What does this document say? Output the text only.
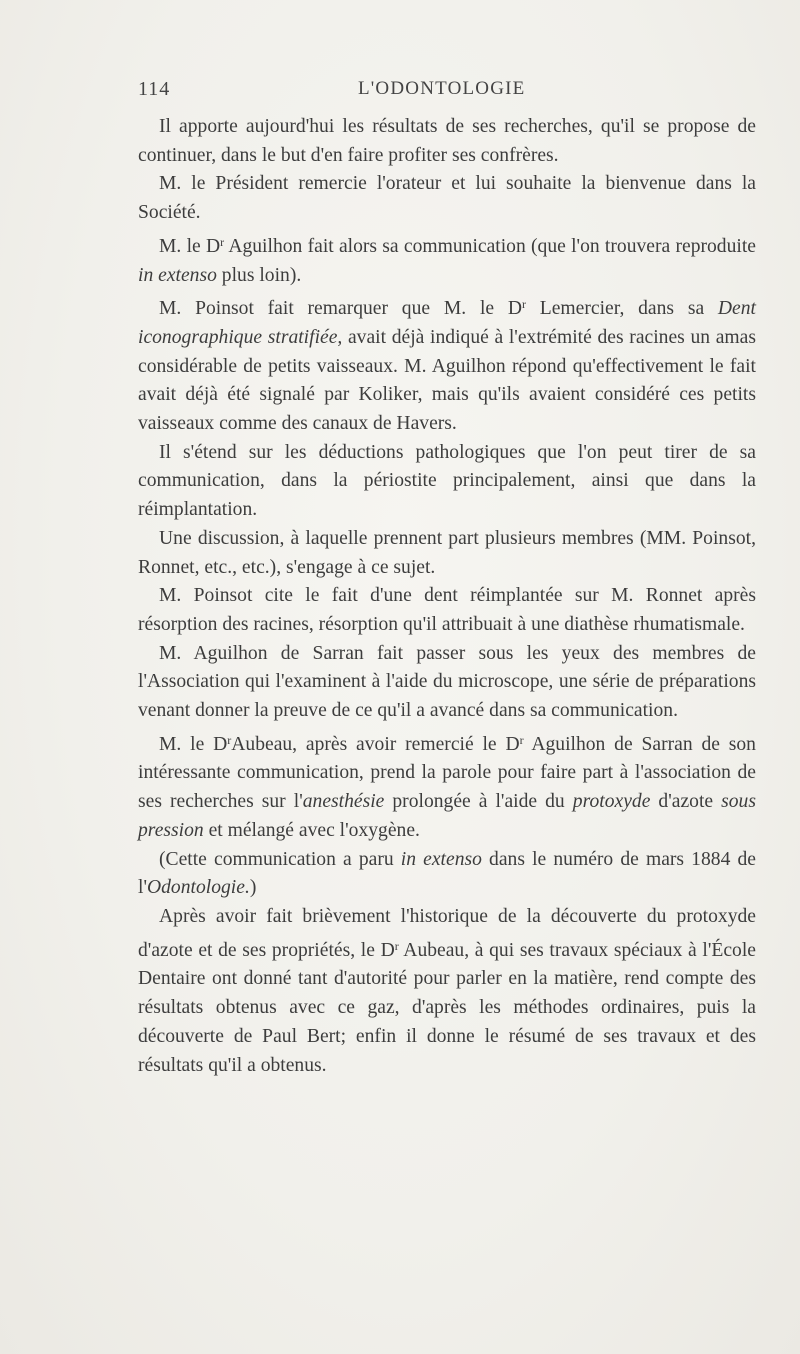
114	L'ODONTOLOGIE

Il apporte aujourd'hui les résultats de ses recherches, qu'il se propose de continuer, dans le but d'en faire profiter ses confrères.

M. le Président remercie l'orateur et lui souhaite la bienvenue dans la Société.

M. le $D^r$ Aguilhon fait alors sa communication (que l'on trouvera reproduite in extenso plus loin).

M. Poinsot fait remarquer que M. le $D^r$ Lemercier, dans sa Dent iconographique stratifiée, avait déjà indiqué à l'extrémité des racines un amas considérable de petits vaisseaux. M. Aguilhon répond qu'effectivement le fait avait déjà été signalé par Koliker, mais qu'ils avaient considéré ces petits vaisseaux comme des canaux de Havers.

Il s'étend sur les déductions pathologiques que l'on peut tirer de sa communication, dans la périostite principalement, ainsi que dans la réimplantation.

Une discussion, à laquelle prennent part plusieurs membres (MM. Poinsot, Ronnet, etc., etc.), s'engage à ce sujet.

M. Poinsot cite le fait d'une dent réimplantée sur M. Ronnet après résorption des racines, résorption qu'il attribuait à une diathèse rhumatismale.

M. Aguilhon de Sarran fait passer sous les yeux des membres de l'Association qui l'examinent à l'aide du microscope, une série de préparations venant donner la preuve de ce qu'il a avancé dans sa communication.

M. le $D^rAubeau$, après avoir remercié le $D^r$ Aguilhon de Sarran de son intéressante communication, prend la parole pour faire part à l'association de ses recherches sur l'anesthésie prolongée à l'aide du protoxyde d'azote sous pression et mélangé avec l'oxygène.

(Cette communication a paru in extenso dans le numéro de mars 1884 de l'Odontologie.)

Après avoir fait brièvement l'historique de la découverte du protoxyde d'azote et de ses propriétés, le $D^r$ Aubeau, à qui ses travaux spéciaux à l'École Dentaire ont donné tant d'autorité pour parler en la matière, rend compte des résultats obtenus avec ce gaz, d'après les méthodes ordinaires, puis la découverte de Paul Bert; enfin il donne le résumé de ses travaux et des résultats qu'il a obtenus.
